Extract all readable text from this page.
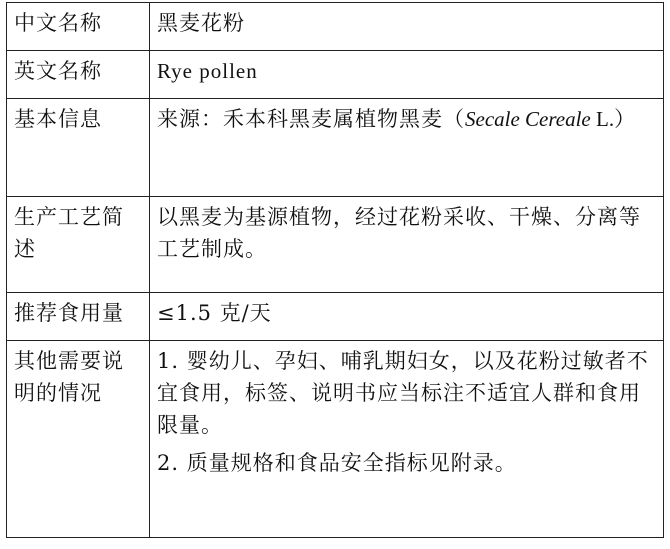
中文名称	黑麦花粉
英文名称	Rye pollen
基本信息	来源：禾本科黑麦属植物黑麦（Secale Cereale L.）
生产工艺简述	以黑麦为基源植物，经过花粉采收、干燥、分离等工艺制成。
推荐食用量	≤1.5 克/天
其他需要说明的情况	1. 婴幼儿、孕妇、哺乳期妇女，以及花粉过敏者不宜食用，标签、说明书应当标注不适宜人群和食用限量。
2. 质量规格和食品安全指标见附录。
